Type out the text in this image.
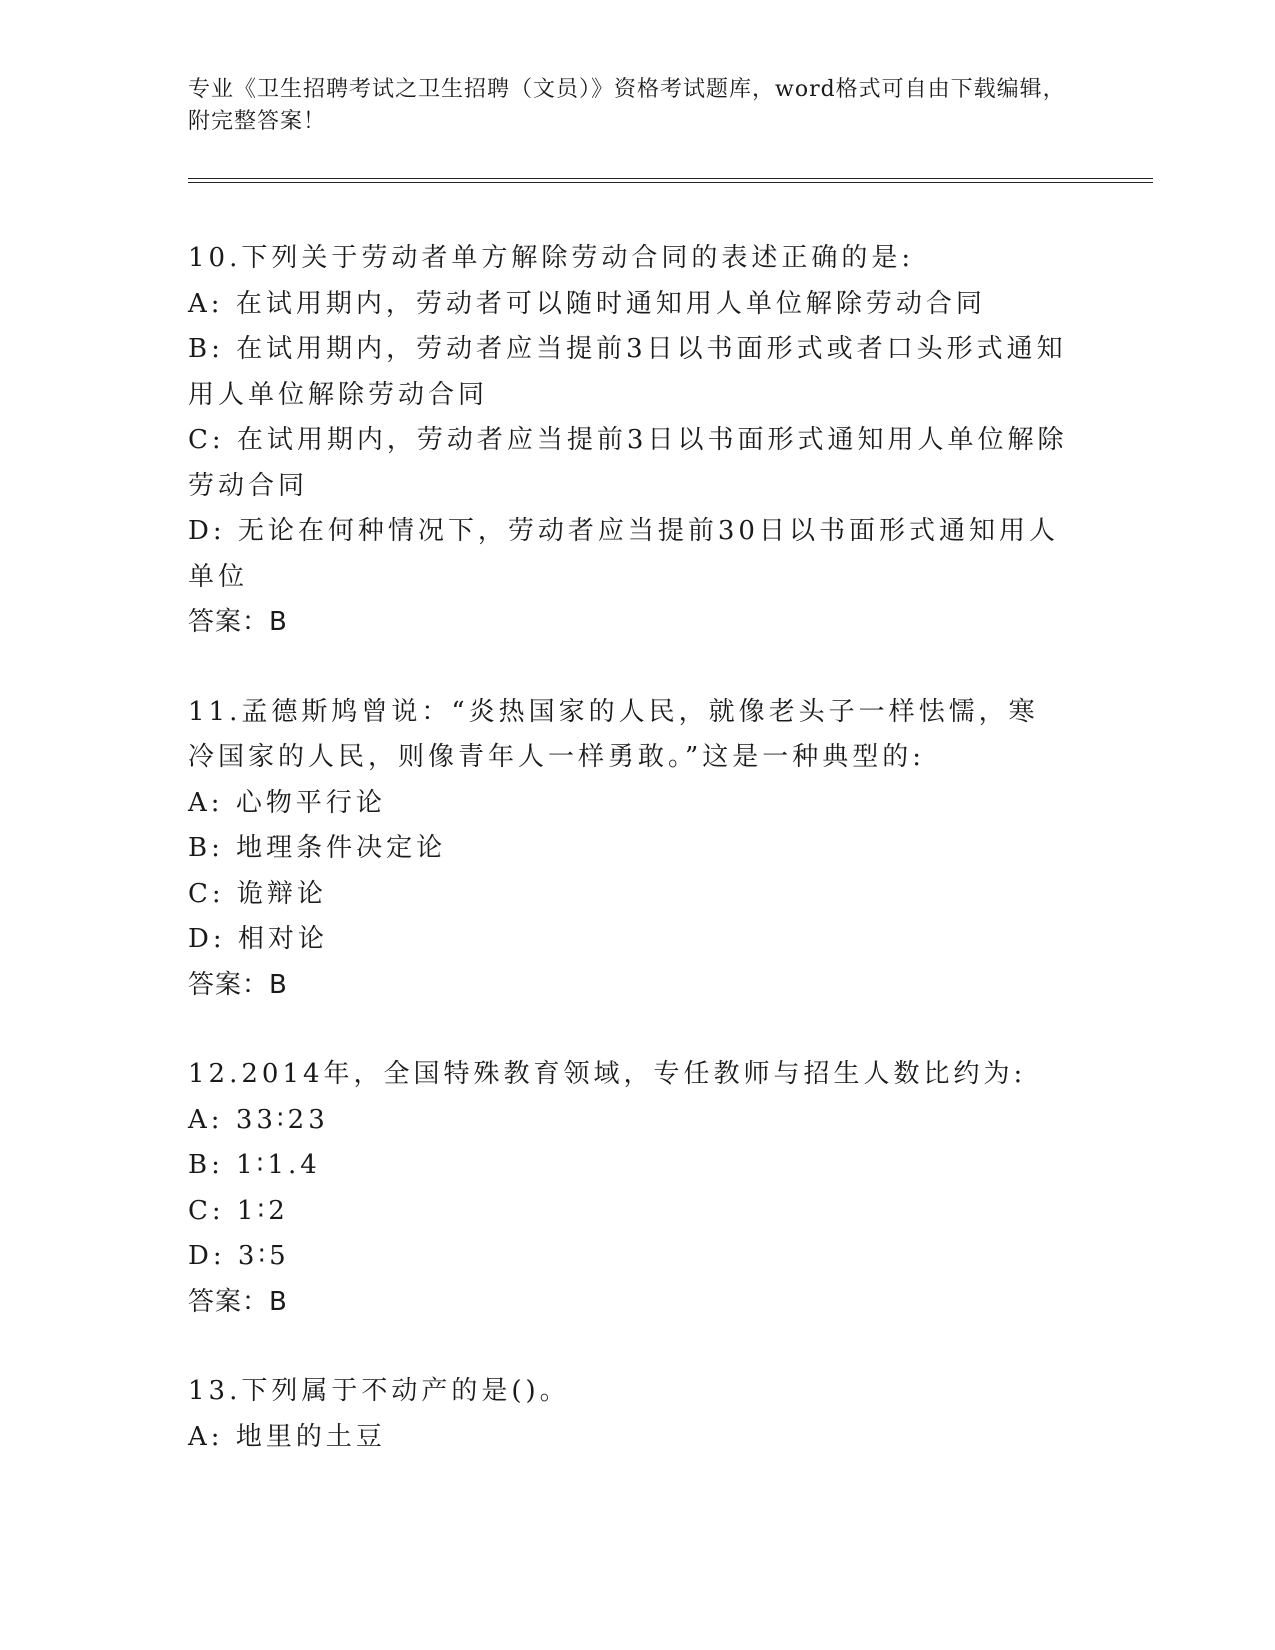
专业《卫生招聘考试之卫生招聘（文员）》资格考试题库，word格式可自由下载编辑，附完整答案！

10.下列关于劳动者单方解除劳动合同的表述正确的是:

A: 在试用期内，劳动者可以随时通知用人单位解除劳动合同

B: 在试用期内，劳动者应当提前3日以书面形式或者口头形式通知用人单位解除劳动合同

C: 在试用期内，劳动者应当提前3日以书面形式通知用人单位解除劳动合同

D: 无论在何种情况下，劳动者应当提前30日以书面形式通知用人单位

答案：B

11.孟德斯鸠曾说：“炎热国家的人民，就像老头子一样怯懦，寒冷国家的人民，则像青年人一样勇敢。”这是一种典型的:

A: 心物平行论

B: 地理条件决定论

C: 诡辩论

D: 相对论

答案：B

12.2014年，全国特殊教育领域，专任教师与招生人数比约为:

A: 33∶23

B: 1∶1.4

C: 1∶2

D: 3∶5

答案：B

13.下列属于不动产的是()。

A: 地里的土豆
